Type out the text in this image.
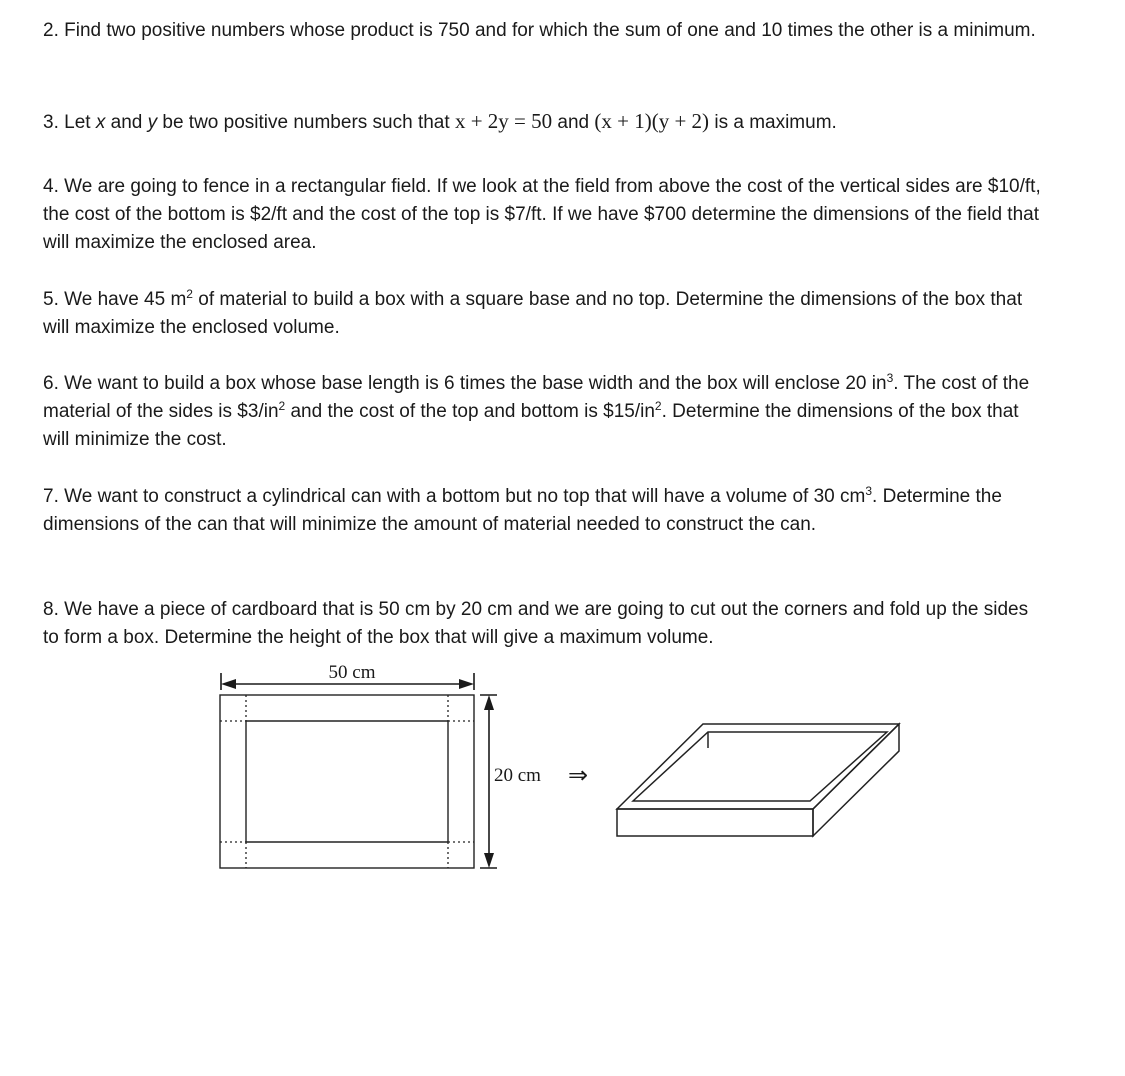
2. Find two positive numbers whose product is 750 and for which the sum of one and 10 times the other is a minimum.

3. Let x and y be two positive numbers such that x + 2y = 50 and (x + 1)(y + 2) is a maximum.

4. We are going to fence in a rectangular field. If we look at the field from above the cost of the vertical sides are $10/ft, the cost of the bottom is $2/ft and the cost of the top is $7/ft. If we have $700 determine the dimensions of the field that will maximize the enclosed area.

5. We have 45 $m^2$ of material to build a box with a square base and no top. Determine the dimensions of the box that will maximize the enclosed volume.

6. We want to build a box whose base length is 6 times the base width and the box will enclose 20 $in^3$. The cost of the material of the sides is $\$3/in^2$ and the cost of the top and bottom is $\$15/in^2$. Determine the dimensions of the box that will minimize the cost.

7. We want to construct a cylindrical can with a bottom but no top that will have a volume of 30 $cm^3$. Determine the dimensions of the can that will minimize the amount of material needed to construct the can.

8. We have a piece of cardboard that is 50 cm by 20 cm and we are going to cut out the corners and fold up the sides to form a box. Determine the height of the box that will give a maximum volume.

50 cm
20 cm ⇒
